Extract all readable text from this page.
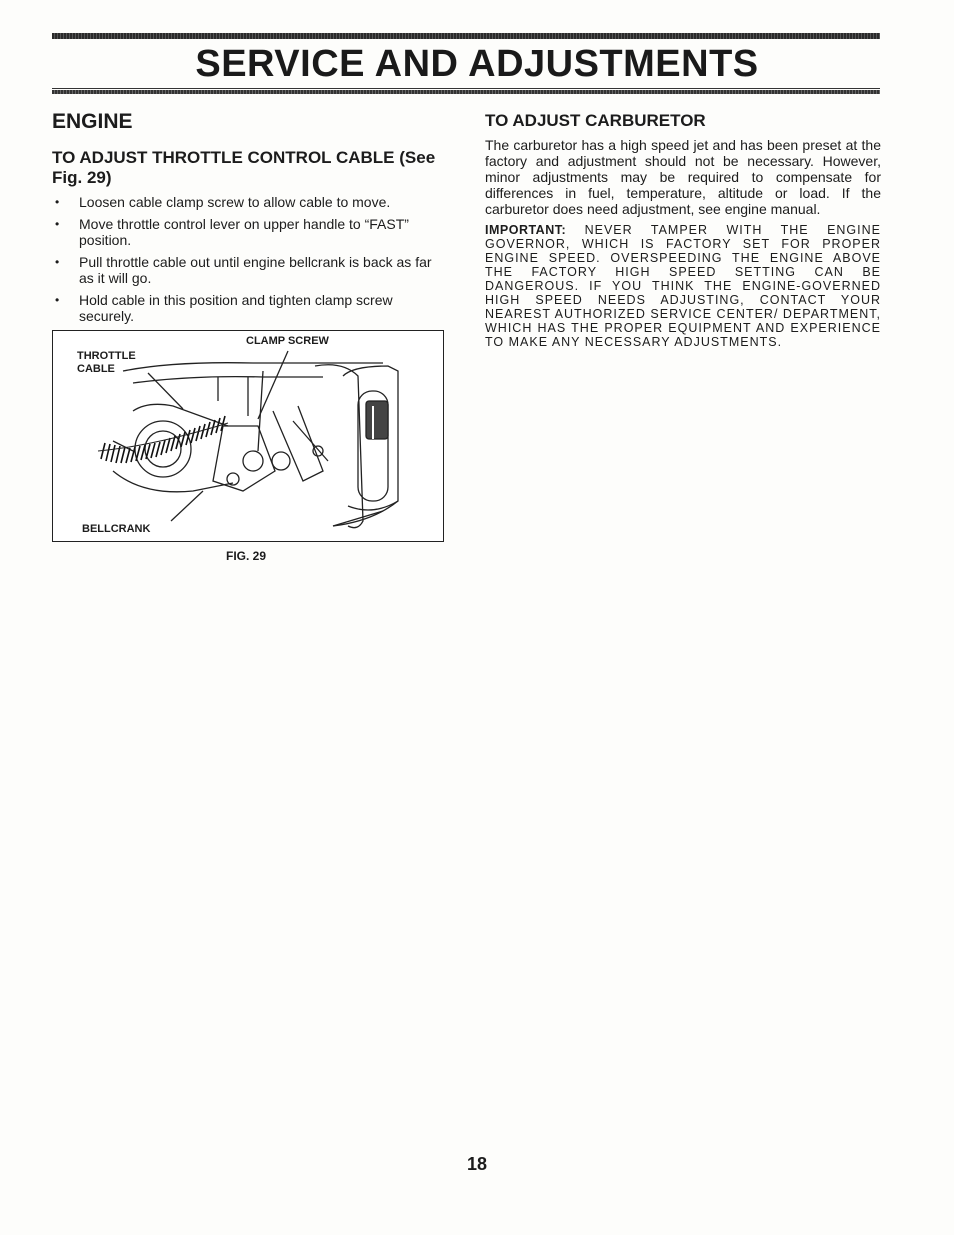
SERVICE AND ADJUSTMENTS
ENGINE
TO ADJUST THROTTLE CONTROL CABLE (See Fig. 29)
• Loosen cable clamp screw to allow cable to move.
• Move throttle control lever on upper handle to “FAST” position.
• Pull throttle cable out until engine bellcrank is back as far as it will go.
• Hold cable in this position and tighten clamp screw securely.
CLAMP SCREW
THROTTLE
CABLE
BELLCRANK
FIG. 29
TO ADJUST CARBURETOR

The carburetor has a high speed jet and has been preset at the factory and adjustment should not be necessary. However, minor adjustments may be required to compensate for differences in fuel, temperature, altitude or load. If the carburetor does need adjustment, see engine manual.

IMPORTANT: NEVER TAMPER WITH THE ENGINE GOVERNOR, WHICH IS FACTORY SET FOR PROPER ENGINE SPEED. OVERSPEEDING THE ENGINE ABOVE THE FACTORY HIGH SPEED SETTING CAN BE DANGEROUS. IF YOU THINK THE ENGINE-GOVERNED HIGH SPEED NEEDS ADJUSTING, CONTACT YOUR NEAREST AUTHORIZED SERVICE CENTER/ DEPARTMENT, WHICH HAS THE PROPER EQUIPMENT AND EXPERIENCE TO MAKE ANY NECESSARY ADJUSTMENTS.

18
